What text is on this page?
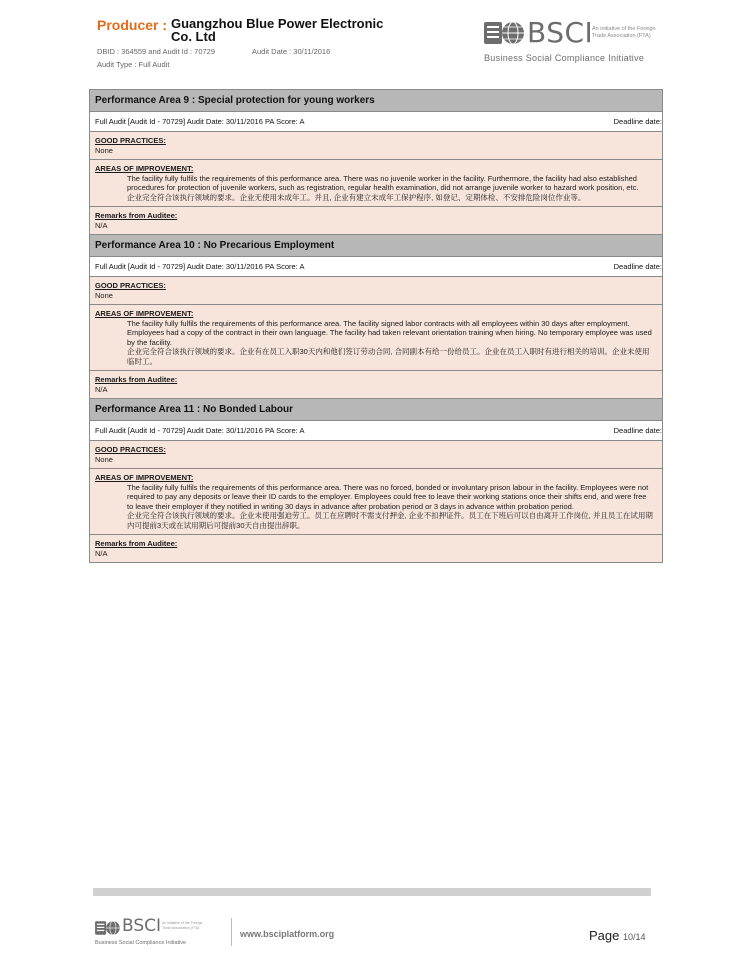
Producer : Guangzhou Blue Power Electronic Co. Ltd
DBID : 364559 and Audit Id : 70729	Audit Date : 30/11/2016
Audit Type : Full Audit
BSCI
An initiative of the Foreign Trade Association (FTA)
Business Social Compliance Initiative
Performance Area 9 : Special protection for young workers
Full Audit [Audit Id - 70729] Audit Date: 30/11/2016 PA Score: A	Deadline date:
GOOD PRACTICES:
None
AREAS OF IMPROVEMENT:

The facility fully fulfils the requirements of this performance area. There was no juvenile worker in the facility. Furthermore, the facility had also established procedures for protection of juvenile workers, such as registration, regular health examination, did not arrange juvenile worker to hazard work position, etc.

企业完全符合该执行领域的要求。企业无使用未成年工。并且, 企业有建立未成年工保护程序, 如登记、定期体检、不安排危险岗位作业等。

Remarks from Auditee:
N/A
Performance Area 10 : No Precarious Employment
Full Audit [Audit Id - 70729] Audit Date: 30/11/2016 PA Score: A	Deadline date:
GOOD PRACTICES:
None
AREAS OF IMPROVEMENT:

The facility fully fulfils the requirements of this performance area. The facility signed labor contracts with all employees within 30 days after employment. Employees had a copy of the contract in their own language. The facility had taken relevant orientation training when hiring. No temporary employee was used by the facility.

企业完全符合该执行领域的要求。企业有在员工入职30天内和他们签订劳动合同, 合同副本有给一份给员工。企业在员工入职时有进行相关的培训。企业未使用临时工。

Remarks from Auditee:
N/A
Performance Area 11 : No Bonded Labour
Full Audit [Audit Id - 70729] Audit Date: 30/11/2016 PA Score: A	Deadline date:
GOOD PRACTICES:
None
AREAS OF IMPROVEMENT:

The facility fully fulfils the requirements of this performance area. There was no forced, bonded or involuntary prison labour in the facility. Employees were not required to pay any deposits or leave their ID cards to the employer. Employees could free to leave their working stations once their shifts end, and were free to leave their employer if they notified in writing 30 days in advance after probation period or 3 days in advance within probation period.

企业完全符合该执行领域的要求。企业未使用强迫劳工。员工在应聘时不需支付押金, 企业不扣押证件。员工在下班后可以自由离开工作岗位, 并且员工在试用期内可提前3天或在试用期后可提前30天自由提出辞职。

Remarks from Auditee:
N/A
BSCI An initiative of the Foreign Trade Association (FTA)
Business Social Compliance Initiative
www.bsciplatform.org	Page 10/14
